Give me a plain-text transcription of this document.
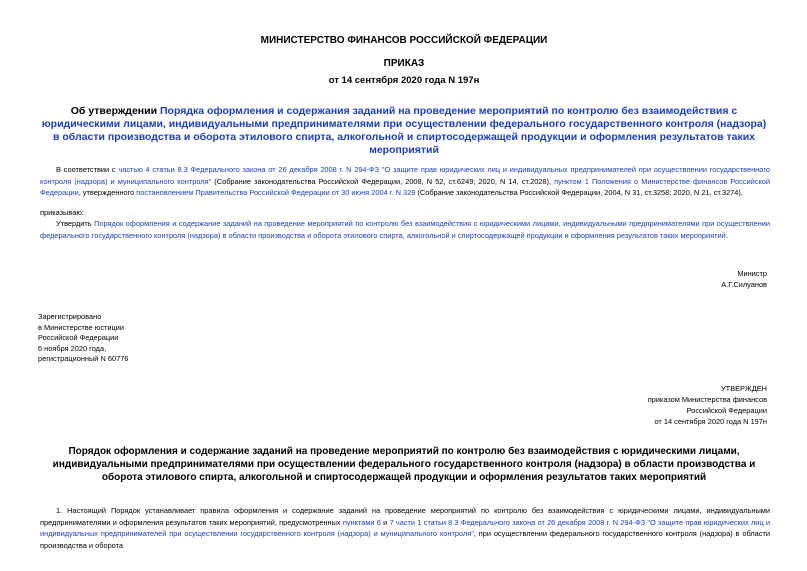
МИНИСТЕРСТВО ФИНАНСОВ РОССИЙСКОЙ ФЕДЕРАЦИИ
ПРИКАЗ
от 14 сентября 2020 года N 197н
Об утверждении Порядка оформления и содержания заданий на проведение мероприятий по контролю без взаимодействия с юридическими лицами, индивидуальными предпринимателями при осуществлении федерального государственного контроля (надзора) в области производства и оборота этилового спирта, алкогольной и спиртосодержащей продукции и оформления результатов таких мероприятий
В соответствии с частью 4 статьи 8.3 Федерального закона от 26 декабря 2008 г. N 294-ФЗ "О защите прав юридических лиц и индивидуальных предпринимателей при осуществлении государственного контроля (надзора) и муниципального контроля" (Собрание законодательства Российской Федерации, 2008, N 52, ст.6249; 2020, N 14, ст.2028), пунктом 1 Положения о Министерстве финансов Российской Федерации, утвержденного постановлением Правительства Российской Федерации от 30 июня 2004 г. N 329 (Собрание законодательства Российской Федерации, 2004, N 31, ст.3258; 2020, N 21, ст.3274),
приказываю:
Утвердить Порядок оформления и содержание заданий на проведение мероприятий по контролю без взаимодействия с юридическими лицами, индивидуальными предпринимателями при осуществлении федерального государственного контроля (надзора) в области производства и оборота этилового спирта, алкогольной и спиртосодержащей продукции и оформления результатов таких мероприятий.
Министр
А.Г.Силуанов
Зарегистрировано
в Министерстве юстиции
Российской Федерации
6 ноября 2020 года,
регистрационный N 60776
УТВЕРЖДЕН
приказом Министерства финансов
Российской Федерации
от 14 сентября 2020 года N 197н
Порядок оформления и содержание заданий на проведение мероприятий по контролю без взаимодействия с юридическими лицами, индивидуальными предпринимателями при осуществлении федерального государственного контроля (надзора) в области производства и оборота этилового спирта, алкогольной и спиртосодержащей продукции и оформления результатов таких мероприятий
1. Настоящий Порядок устанавливает правила оформления и содержание заданий на проведение мероприятий по контролю без взаимодействия с юридическими лицами, индивидуальными предпринимателями и оформления результатов таких мероприятий, предусмотренных пунктами 6 и 7 части 1 статьи 8.3 Федерального закона от 26 декабря 2008 г. N 294-ФЗ "О защите прав юридических лиц и индивидуальных предпринимателей при осуществлении государственного контроля (надзора) и муниципального контроля", при осуществлении федерального государственного контроля (надзора) в области производства и оборота
